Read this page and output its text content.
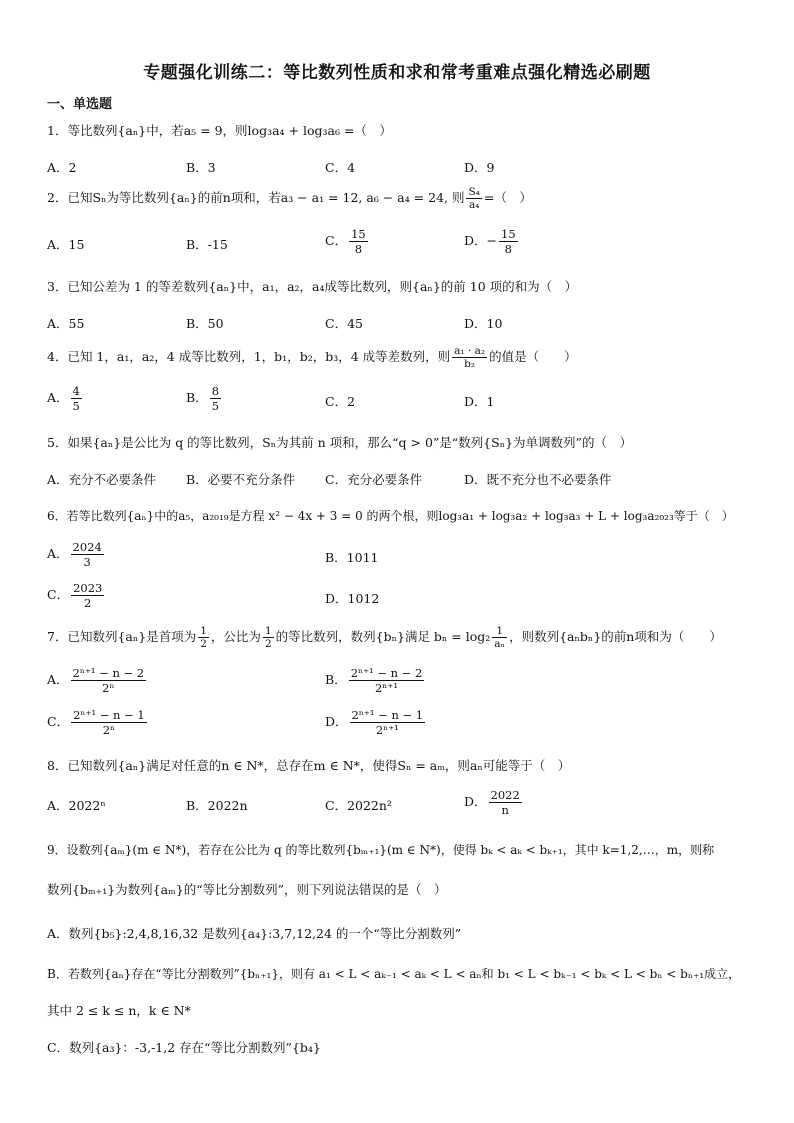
专题强化训练二：等比数列性质和求和常考重难点强化精选必刷题
一、单选题
1．等比数列{aₙ}中，若a₅ = 9，则log₃a₄ + log₃a₆ =（　）
A．2	B．3	C．4	D．9
2．已知Sₙ为等比数列{aₙ}的前n项和，若a₃ − a₁ = 12, a₆ − a₄ = 24, 则 $\frac{\text{S₄}}{\text{a₄}}$ =（　）
A．15	B．-15	C． $\frac{15}{8}$	D．− $\frac{15}{8}$
3．已知公差为 1 的等差数列{aₙ}中，a₁，a₂，a₄成等比数列，则{aₙ}的前 10 项的和为（　）
A．55	B．50	C．45	D．10
4．已知 1，a₁，a₂，4 成等比数列，1，b₁，b₂，b₃，4 成等差数列，则 $\frac{\text{a₁ · a₂}}{\text{b₂}}$ 的值是（　　）
A． $\frac{4}{5}$	B． $\frac{8}{5}$	C．2	D．1
5．如果{aₙ}是公比为 q 的等比数列，Sₙ为其前 n 项和，那么“q > 0”是“数列{Sₙ}为单调数列”的（　）
A．充分不必要条件 B．必要不充分条件 C．充分必要条件	D．既不充分也不必要条件
6．若等比数列{aₙ}中的a₅，a₂₀₁₉是方程 x² − 4x + 3 = 0 的两个根，则log₃a₁ + log₃a₂ + log₃a₃ + L + log₃a₂₀₂₃等于（　）
A． $\frac{2024}{3}$	B．1011
C． $\frac{2023}{2}$	D．1012
7．已知数列{aₙ}是首项为 $\frac{1}{2}$ ，公比为 $\frac{1}{2}$ 的等比数列，数列{bₙ}满足 $b_n = \log_2 \frac{1}{\text{aₙ}}$ ，则数列{aₙbₙ}的前n项和为（　　）
A． $\frac{\text{2ⁿ⁺¹ − n − 2}}{\text{2ⁿ}}$	B． $\frac{\text{2ⁿ⁺¹ − n − 2}}{\text{2ⁿ⁺¹}}$
C． $\frac{\text{2ⁿ⁺¹ − n − 1}}{\text{2ⁿ}}$	D． $\frac{\text{2ⁿ⁺¹ − n − 1}}{\text{2ⁿ⁺¹}}$
8．已知数列{aₙ}满足对任意的n ∈ N*，总存在m ∈ N*，使得Sₙ = aₘ，则aₙ可能等于（　）
A．2022ⁿ	B．2022n	C．2022n²	D． $\frac{2022}{n}$
9．设数列{aₘ}(m ∈ N*)，若存在公比为 q 的等比数列{bₘ₊₁}(m ∈ N*)，使得 bₖ < aₖ < bₖ₊₁，其中 k=1,2,…，m，则称
数列{bₘ₊₁}为数列{aₘ}的“等比分割数列”，则下列说法错误的是（　）
A．数列{b₅}:2,4,8,16,32 是数列{a₄}:3,7,12,24 的一个“等比分割数列”
B．若数列{aₙ}存在“等比分割数列”{bₙ₊₁}，则有 a₁ < L < aₖ₋₁ < aₖ < L < aₙ和 b₁ < L < bₖ₋₁ < bₖ < L < bₙ < bₙ₊₁成立，
其中 2 ≤ k ≤ n，k ∈ N*
C．数列{a₃}：-3,-1,2 存在“等比分割数列”{b₄}
